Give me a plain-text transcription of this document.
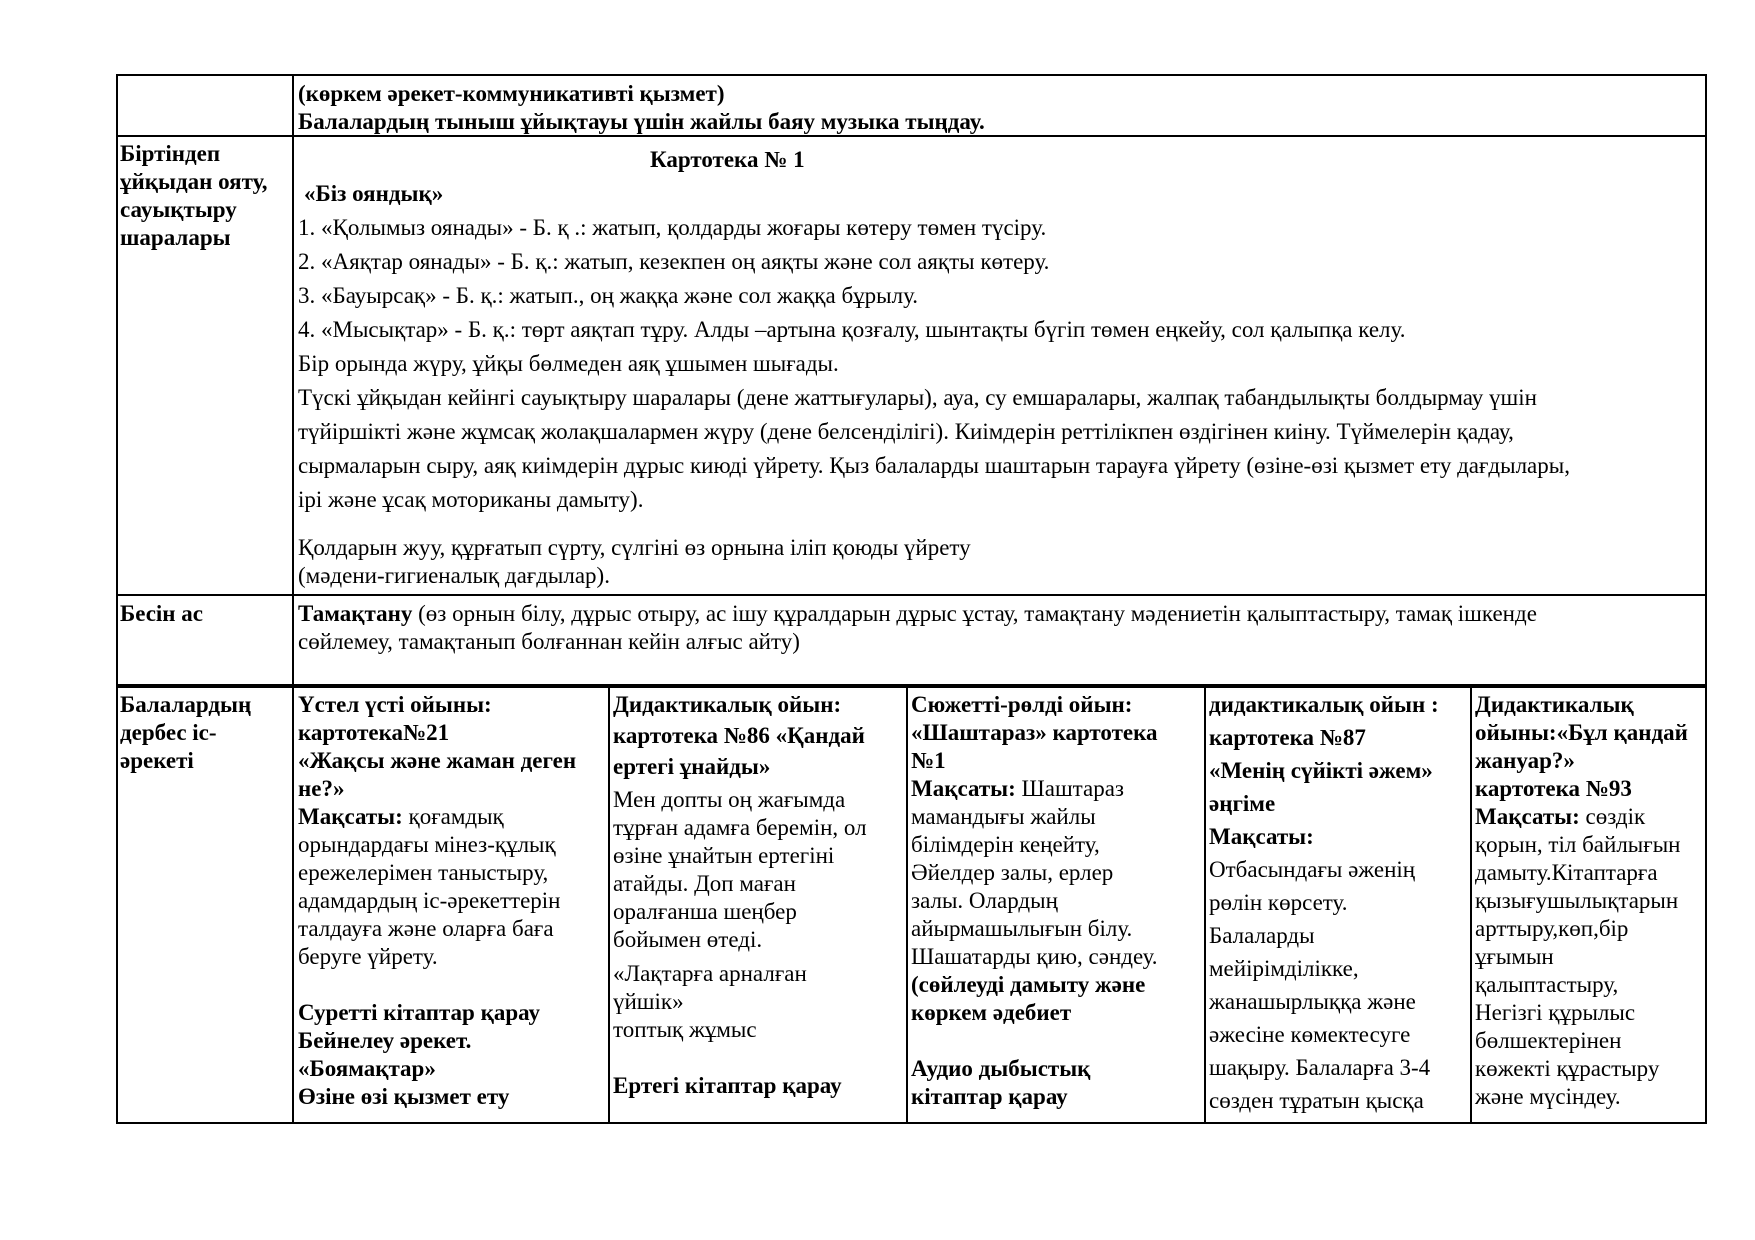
(көркем әрекет-коммуникативті қызмет)
Балалардың тыныш ұйықтауы үшін жайлы баяу музыка тыңдау.
Біртіндеп
ұйқыдан ояту,
сауықтыру
шаралары
Картотека № 1
«Біз ояндық»
1. «Қолымыз оянады» - Б. қ .: жатып, қолдарды жоғары көтеру төмен түсіру.
2. «Аяқтар оянады» - Б. қ.: жатып, кезекпен оң аяқты және сол аяқты көтеру.
3. «Бауырсақ» - Б. қ.: жатып., оң жаққа және сол жаққа бұрылу.
4. «Мысықтар» - Б. қ.: төрт аяқтап тұру. Алды –артына қозғалу, шынтақты бүгіп төмен еңкейу, сол қалыпқа келу.
Бір орында жүру, ұйқы бөлмеден аяқ ұшымен шығады.
Түскі ұйқыдан кейінгі сауықтыру шаралары (дене жаттығулары), ауа, су емшаралары, жалпақ табандылықты болдырмау үшін
түйіршікті және жұмсақ жолақшалармен жүру (дене белсенділігі). Киімдерін реттілікпен өздігінен киіну. Түймелерін қадау,
сырмаларын сыру, аяқ киімдерін дұрыс киюді үйрету. Қыз балаларды шаштарын тарауға үйрету (өзіне-өзі қызмет ету дағдылары,
ірі және ұсақ моториканы дамыту).
Қолдарын жуу, құрғатып сүрту, сүлгіні өз орнына іліп қоюды үйрету
(мәдени-гигиеналық дағдылар).
Бесін ас	Тамақтану (өз орнын білу, дұрыс отыру, ас ішу құралдарын дұрыс ұстау, тамақтану мәдениетін қалыптастыру, тамақ ішкенде
сөйлемеу, тамақтанып болғаннан кейін алғыс айту)
Балалардың
дербес іс-
әрекеті
Үстел үсті ойыны:
картотека№21
«Жақсы және жаман деген
не?»
Мақсаты: қоғамдық
орындардағы мінез-құлық
ережелерімен таныстыру,
адамдардың іс-әрекеттерін
талдауға және оларға баға
беруге үйрету.
Суретті кітаптар қарау
Бейнелеу әрекет.
«Боямақтар»
Өзіне өзі қызмет ету
Дидактикалық ойын:
картотека №86 «Қандай
ертегі ұнайды»
Мен допты оң жағымда
тұрған адамға беремін, ол
өзіне ұнайтын ертегіні
атайды. Доп маған
оралғанша шеңбер
бойымен өтеді.
«Лақтарға арналған
үйшік»
топтық жұмыс
Ертегі кітаптар қарау
Сюжетті-рөлді ойын:
«Шаштараз» картотека
№1
Мақсаты: Шаштараз
мамандығы жайлы
білімдерін кеңейту,
Әйелдер залы, ерлер
залы. Олардың
айырмашылығын білу.
Шашатарды қию, сәндеу.
(сөйлеуді дамыту және
көркем әдебиет
Аудио дыбыстық
кітаптар қарау
дидактикалық ойын :
картотека №87
«Менің сүйікті әжем»
әңгіме
Мақсаты:
Отбасындағы әженің
рөлін көрсету.
Балаларды
мейірімділікке,
жанашырлыққа және
әжесіне көмектесуге
шақыру. Балаларға 3-4
сөзден тұратын қысқа
Дидактикалық
ойыны:«Бұл қандай
жануар?»
картотека №93
Мақсаты: сөздік
қорын, тіл байлығын
дамыту.Кітаптарға
қызығушылықтарын
арттыру,көп,бір
ұғымын
қалыптастыру,
Негізгі құрылыс
бөлшектерінен
көжекті құрастыру
және мүсіндеу.
